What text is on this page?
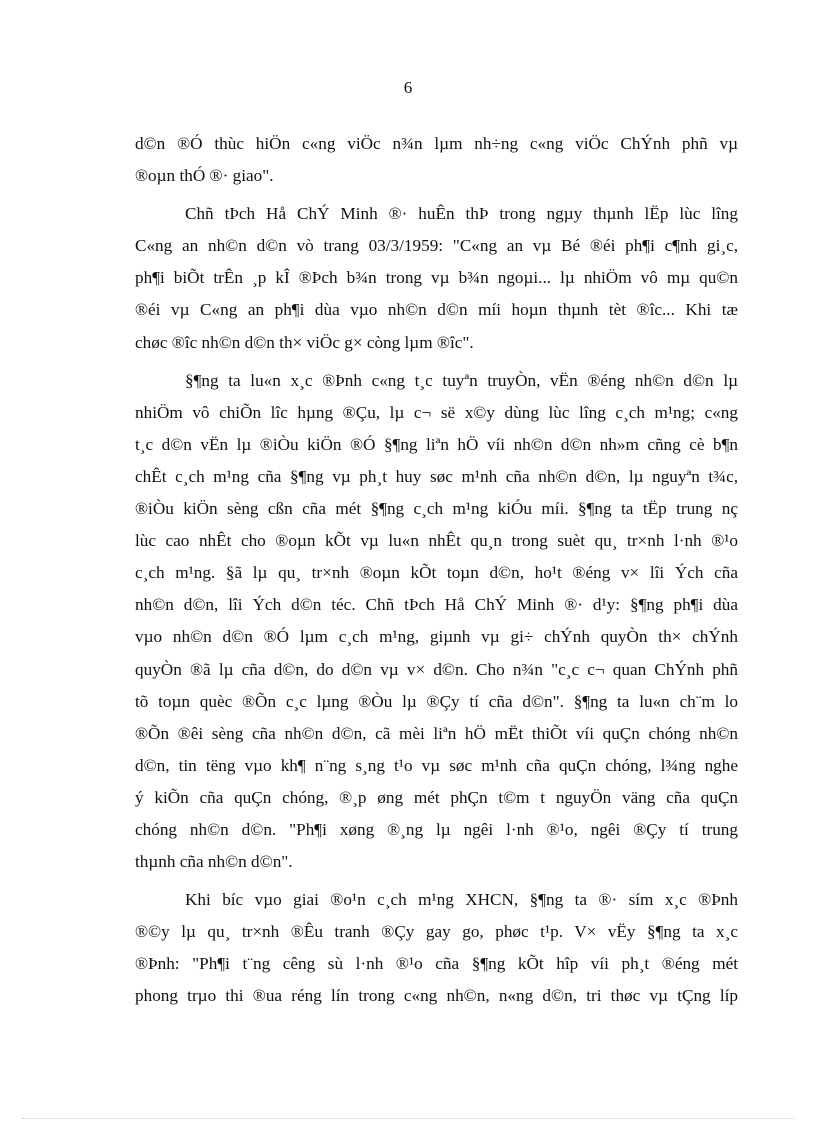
6
d©n ®Ó thùc hiÖn c«ng viÖc n¾n lµm nh÷ng c«ng viÖc ChÝnh phñ vµ
®oµn thÓ ®· giao".
Chñ tÞch Hå ChÝ Minh ®· huÊn thÞ trong ngµy thµnh lËp lùc lîng
C«ng an nh©n d©n vò trang 03/3/1959: "C«ng an vµ Bé ®éi ph¶i c¶nh gi¸c,
ph¶i biÕt trÊn ¸p kÎ ®Þch b¾n trong vµ b¾n ngoµi... lµ nhiÖm vô mµ qu©n
®éi vµ C«ng an ph¶i dùa vµo nh©n d©n míi hoµn thµnh tèt ®îc... Khi tæ
chøc ®îc nh©n d©n th× viÖc g× còng lµm ®îc".
§¶ng ta lu«n x¸c ®Þnh c«ng t¸c tuyªn truyÒn, vËn ®éng nh©n d©n lµ
nhiÖm vô chiÕn lîc hµng ®Çu, lµ c¬ së x©y dùng lùc lîng c¸ch m¹ng; c«ng
t¸c d©n vËn lµ ®iÒu kiÖn ®Ó §¶ng liªn hÖ víi nh©n d©n nh»m cñng cè b¶n
chÊt c¸ch m¹ng cña §¶ng vµ ph¸t huy søc m¹nh cña nh©n d©n, lµ nguyªn t¾c,
®iÒu kiÖn sèng cßn cña mét §¶ng c¸ch m¹ng kiÓu míi. §¶ng ta tËp trung nç
lùc cao nhÊt cho ®oµn kÕt vµ lu«n nhÊt qu¸n trong suèt qu¸ tr×nh l·nh ®¹o
c¸ch m¹ng. §ã lµ qu¸ tr×nh ®oµn kÕt toµn d©n, ho¹t ®éng v× lîi Ých cña
nh©n d©n, lîi Ých d©n téc. Chñ tÞch Hå ChÝ Minh ®· d¹y: §¶ng ph¶i dùa
vµo nh©n d©n ®Ó lµm c¸ch m¹ng, giµnh vµ gi÷ chÝnh quyÒn th× chÝnh
quyÒn ®ã lµ cña d©n, do d©n vµ v× d©n. Cho n¾n "c¸c c¬ quan ChÝnh phñ
tõ toµn quèc ®Õn c¸c lµng ®Òu lµ ®Çy tí cña d©n". §¶ng ta lu«n ch¨m lo
®Õn ®êi sèng cña nh©n d©n, cã mèi liªn hÖ mËt thiÕt víi quÇn chóng nh©n
d©n, tin tëng vµo kh¶ n¨ng s¸ng t¹o vµ søc m¹nh cña quÇn chóng, l¾ng nghe
ý kiÕn cña quÇn chóng, ®¸p øng mét phÇn t©m t nguyÖn väng cña quÇn
chóng nh©n d©n. "Ph¶i xøng ®¸ng lµ ngêi l·nh ®¹o, ngêi ®Çy tí trung
thµnh cña nh©n d©n".
Khi bíc vµo giai ®o¹n c¸ch m¹ng XHCN, §¶ng ta ®· sím x¸c ®Þnh
®©y lµ qu¸ tr×nh ®Êu tranh ®Çy gay go, phøc t¹p. V× vËy §¶ng ta x¸c
®Þnh: "Ph¶i t¨ng cêng sù l·nh ®¹o cña §¶ng kÕt hîp víi ph¸t ®éng mét
phong trµo thi ®ua réng lín trong c«ng nh©n, n«ng d©n, tri thøc vµ tÇng líp
